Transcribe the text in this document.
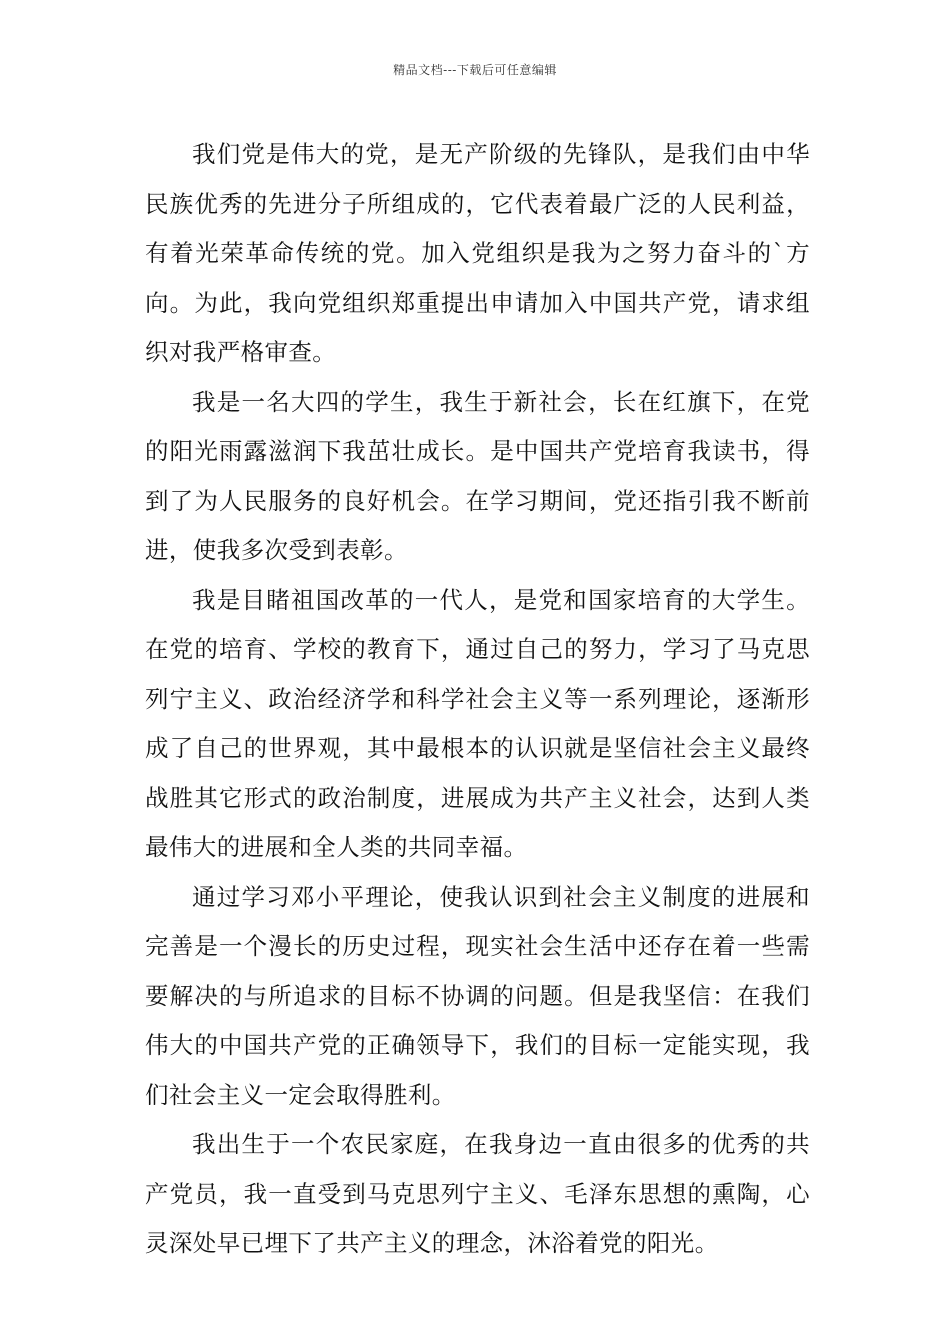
精品文档---下载后可任意编辑

我们党是伟大的党，是无产阶级的先锋队，是我们由中华民族优秀的先进分子所组成的，它代表着最广泛的人民利益，有着光荣革命传统的党。加入党组织是我为之努力奋斗的`方向。为此，我向党组织郑重提出申请加入中国共产党，请求组织对我严格审查。

我是一名大四的学生，我生于新社会，长在红旗下，在党的阳光雨露滋润下我茁壮成长。是中国共产党培育我读书，得到了为人民服务的良好机会。在学习期间，党还指引我不断前进，使我多次受到表彰。

我是目睹祖国改革的一代人，是党和国家培育的大学生。在党的培育、学校的教育下，通过自己的努力，学习了马克思列宁主义、政治经济学和科学社会主义等一系列理论，逐渐形成了自己的世界观，其中最根本的认识就是坚信社会主义最终战胜其它形式的政治制度，进展成为共产主义社会，达到人类最伟大的进展和全人类的共同幸福。

通过学习邓小平理论，使我认识到社会主义制度的进展和完善是一个漫长的历史过程，现实社会生活中还存在着一些需要解决的与所追求的目标不协调的问题。但是我坚信：在我们伟大的中国共产党的正确领导下，我们的目标一定能实现，我们社会主义一定会取得胜利。

我出生于一个农民家庭，在我身边一直由很多的优秀的共产党员，我一直受到马克思列宁主义、毛泽东思想的熏陶，心灵深处早已埋下了共产主义的理念，沐浴着党的阳光。
